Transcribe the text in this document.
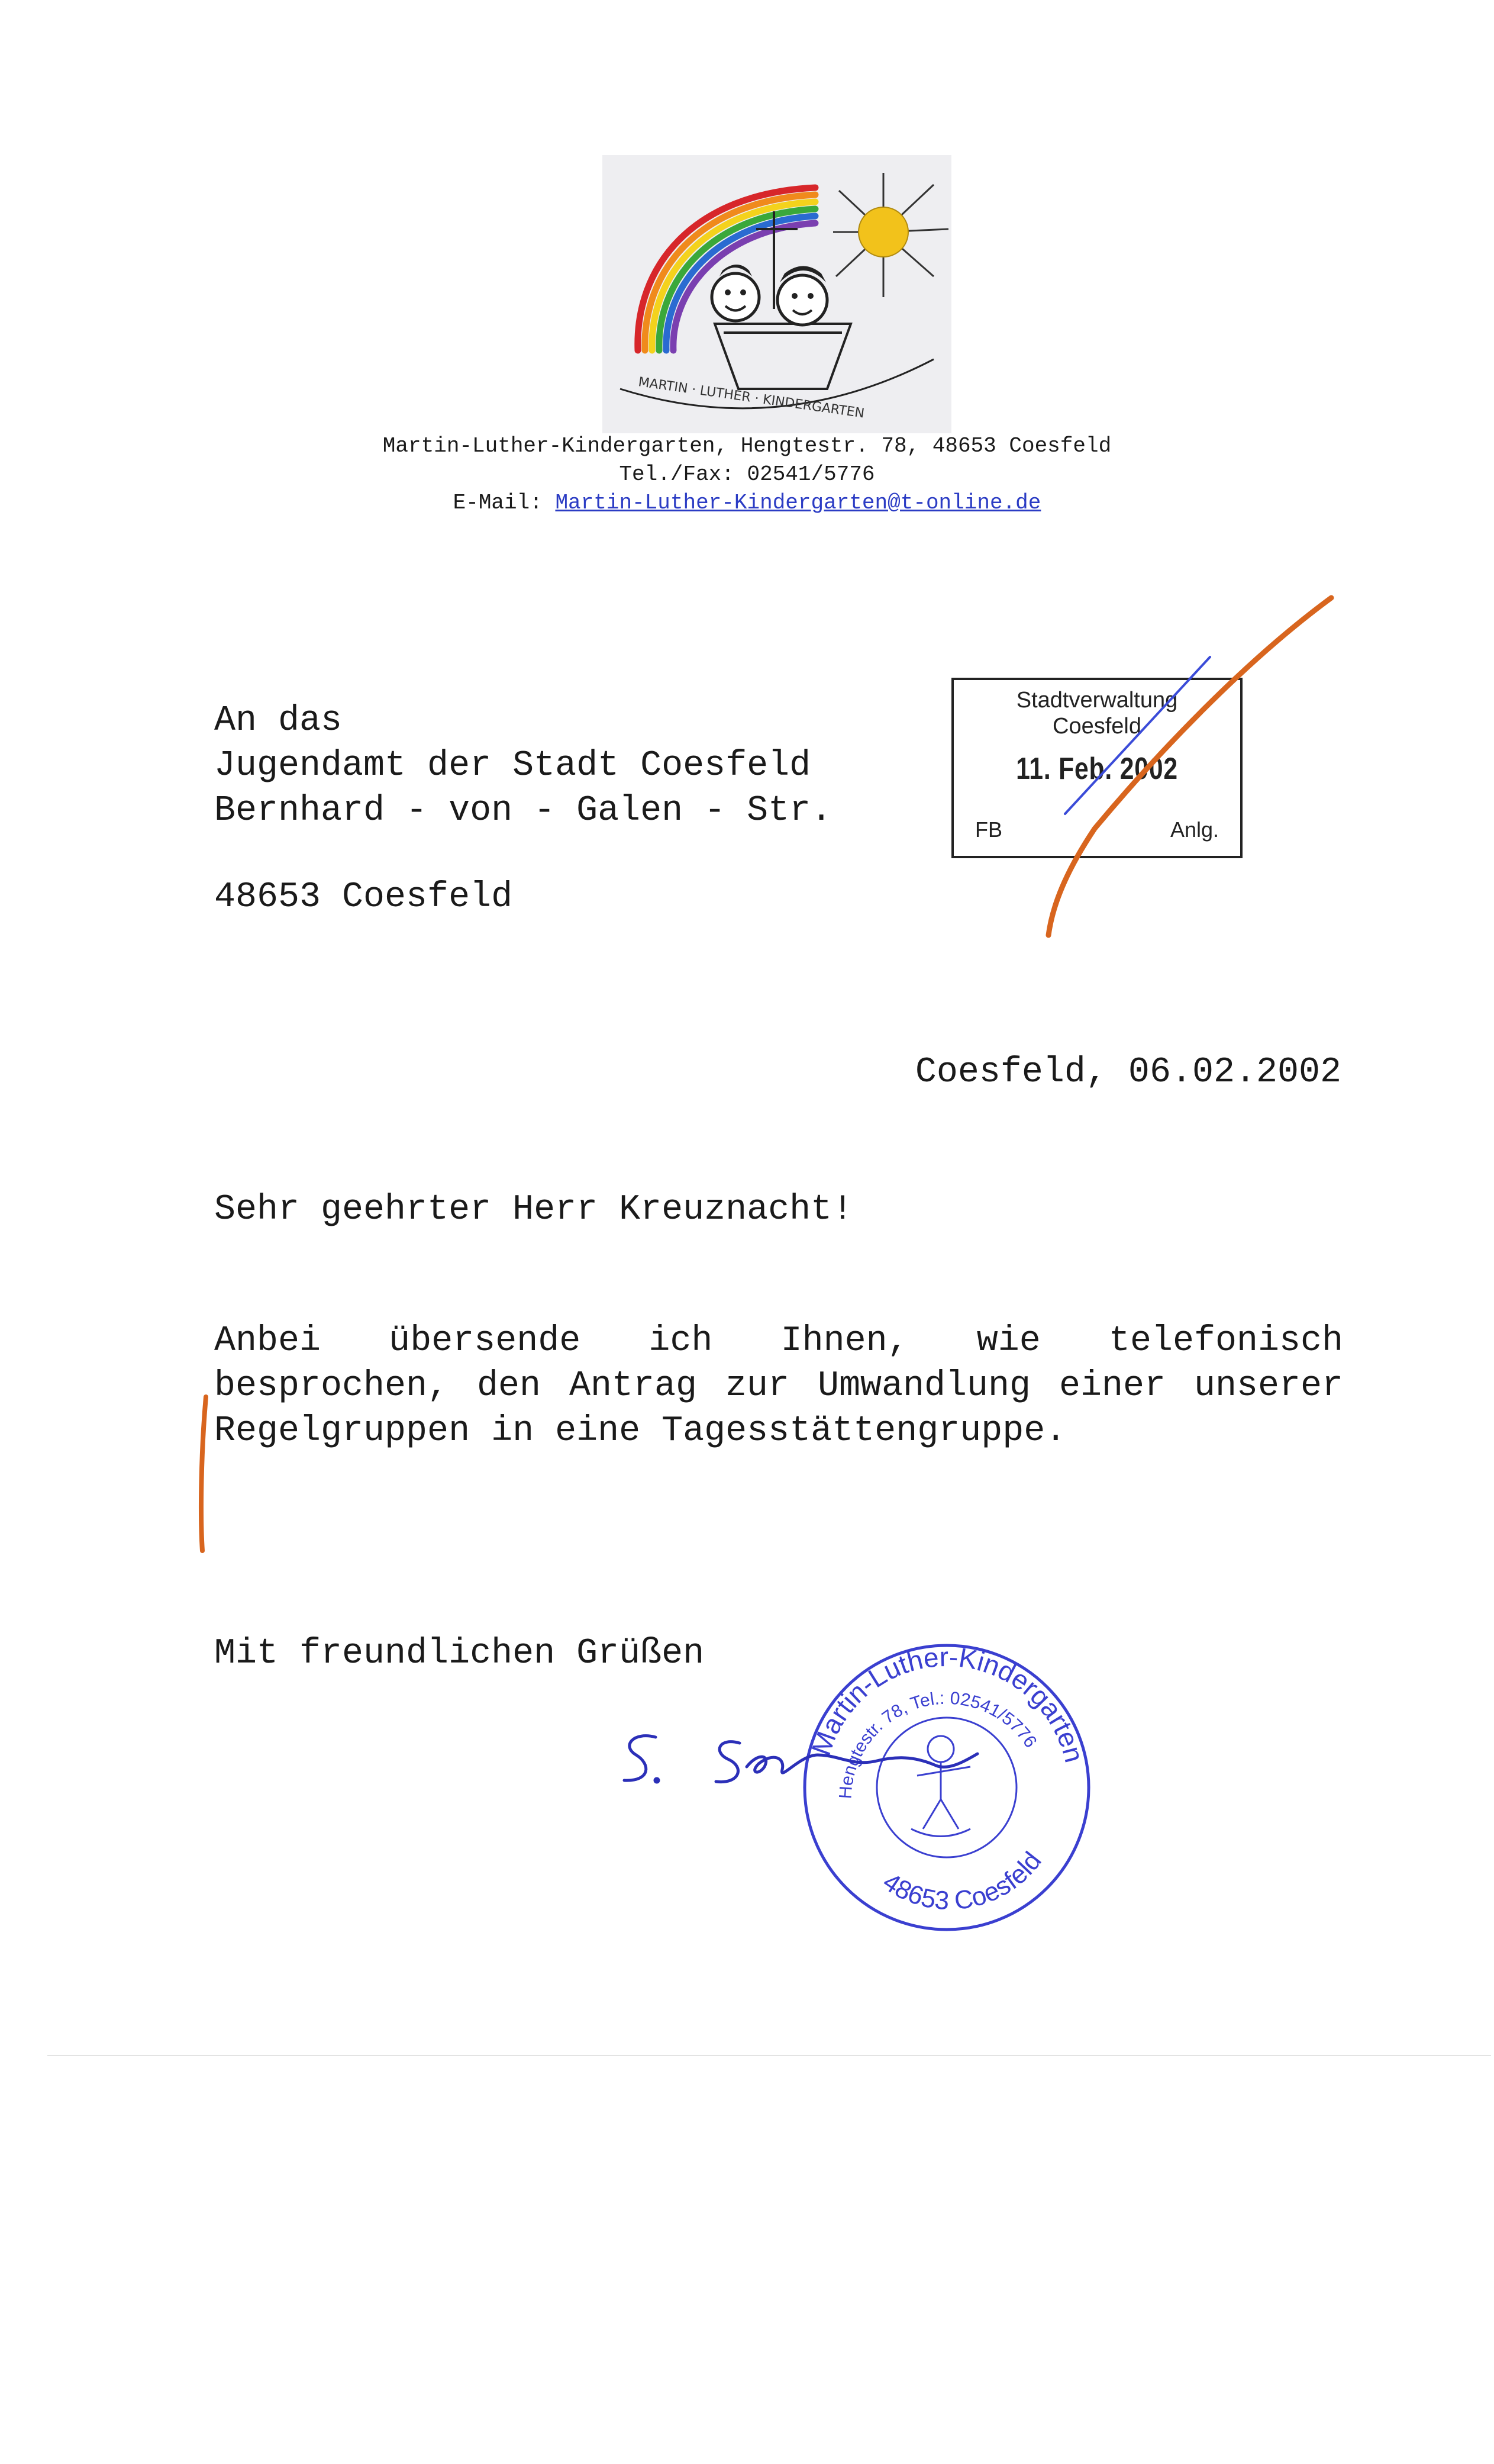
MARTIN · LUTHER · KINDERGARTEN
Martin-Luther-Kindergarten, Hengtestr. 78, 48653 Coesfeld
Tel./Fax: 02541/5776
E-Mail: Martin-Luther-Kindergarten@t-online.de
An das
Jugendamt der Stadt Coesfeld
Bernhard - von - Galen - Str.
48653 Coesfeld
Stadtverwaltung
Coesfeld
11. Feb. 2002
FB	Anlg.
Coesfeld, 06.02.2002
Sehr geehrter Herr Kreuznacht!
Anbei übersende ich Ihnen, wie telefonisch besprochen, den Antrag zur Umwandlung einer unserer Regelgruppen in eine Tagesstättengruppe.
Mit freundlichen Grüßen
Martin-Luther-Kindergarten
Hengtestr. 78, Tel.: 02541/5776
48653 Coesfeld
